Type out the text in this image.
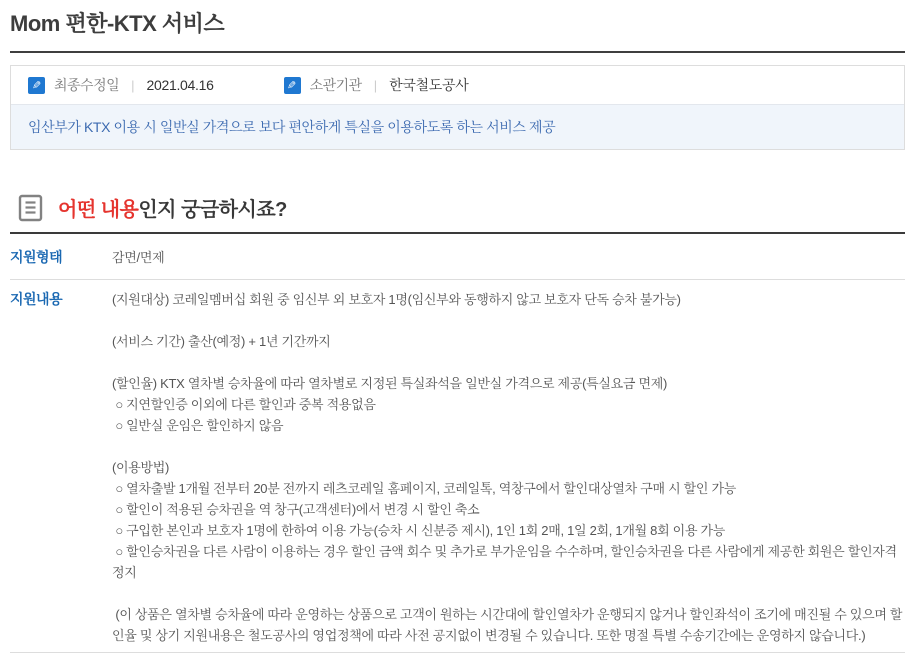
Mom 편한-KTX 서비스
✎
최종수정일 | 2021.04.16 ✎	소관기관 | 한국철도공사
임산부가 KTX 이용 시 일반실 가격으로 보다 편안하게 특실을 이용하도록 하는 서비스 제공
어떤 내용인지 궁금하시죠?
지원형태	감면/면제
지원내용	(지원대상) 코레일멤버십 회원 중 임신부 외 보호자 1명(임신부와 동행하지 않고 보호자 단독 승차 불가능)

(서비스 기간) 출산(예정) + 1년 기간까지

(할인율) KTX 열차별 승차율에 따라 열차별로 지정된 특실좌석을 일반실 가격으로 제공(특실요금 면제)
○ 지연할인증 이외에 다른 할인과 중복 적용없음
○ 일반실 운임은 할인하지 않음

(이용방법)
○ 열차출발 1개월 전부터 20분 전까지 레츠코레일 홈페이지, 코레일톡, 역창구에서 할인대상열차 구매 시 할인 가능
○ 할인이 적용된 승차권을 역 창구(고객센터)에서 변경 시 할인 축소
○ 구입한 본인과 보호자 1명에 한하여 이용 가능(승차 시 신분증 제시), 1인 1회 2매, 1일 2회, 1개월 8회 이용 가능
○ 할인승차권을 다른 사람이 이용하는 경우 할인 금액 회수 및 추가로 부가운임을 수수하며, 할인승차권을 다른 사람에게 제공한 회원은 할인자격 정지

(이 상품은 열차별 승차율에 따라 운영하는 상품으로 고객이 원하는 시간대에 할인열차가 운행되지 않거나 할인좌석이 조기에 매진될 수 있으며 할인율 및 상기 지원내용은 철도공사의 영업정책에 따라 사전 공지없이 변경될 수 있습니다. 또한 명절 특별 수송기간에는 운영하지 않습니다.)
